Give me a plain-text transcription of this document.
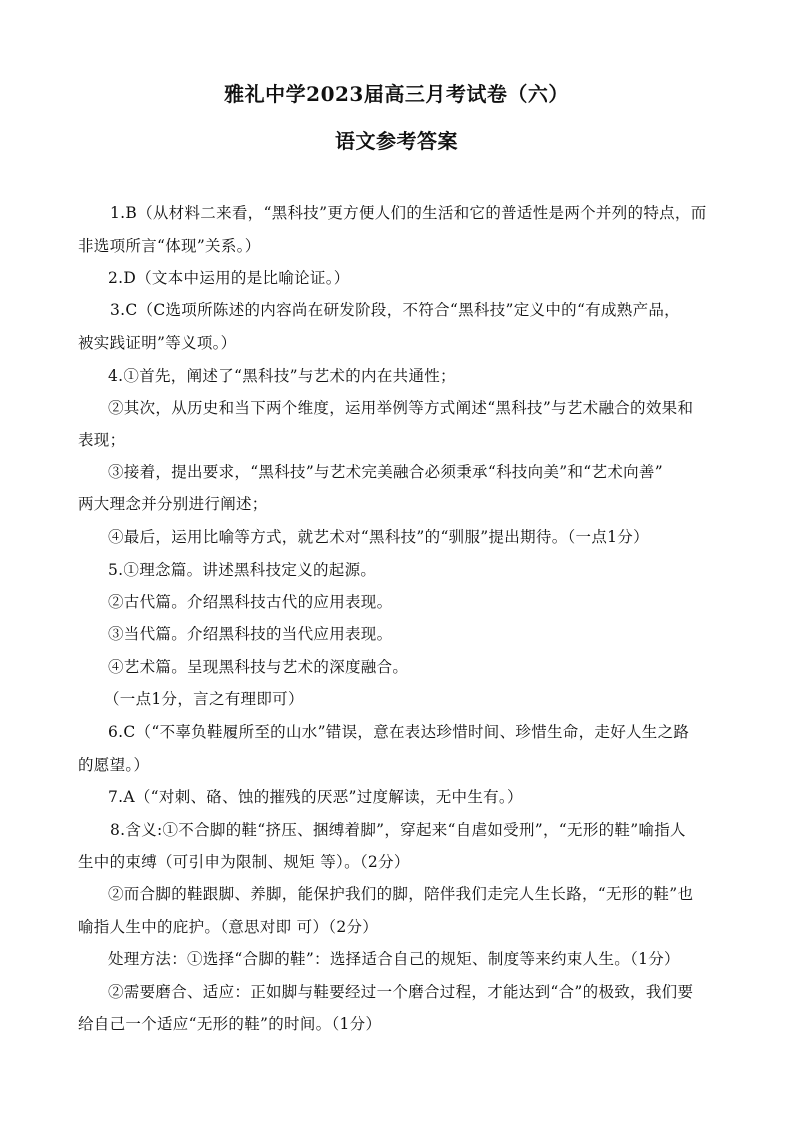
雅礼中学2023届高三月考试卷（六）
语文参考答案
1.B（从材料二来看，“黑科技”更方便人们的生活和它的普适性是两个并列的特点，而
非选项所言“体现”关系。）
2.D（文本中运用的是比喻论证。）
3.C（C选项所陈述的内容尚在研发阶段，不符合“黑科技”定义中的“有成熟产品，
被实践证明”等义项。）
4.①首先，阐述了“黑科技”与艺术的内在共通性；
②其次，从历史和当下两个维度，运用举例等方式阐述“黑科技”与艺术融合的效果和
表现；
③接着，提出要求，“黑科技”与艺术完美融合必须秉承“科技向美”和“艺术向善”
两大理念并分别进行阐述；
④最后，运用比喻等方式，就艺术对“黑科技”的“驯服”提出期待。（一点1分）
5.①理念篇。讲述黑科技定义的起源。
②古代篇。介绍黑科技古代的应用表现。
③当代篇。介绍黑科技的当代应用表现。
④艺术篇。呈现黑科技与艺术的深度融合。
（一点1分，言之有理即可）
6.C（“不辜负鞋履所至的山水”错误，意在表达珍惜时间、珍惜生命，走好人生之路
的愿望。）
7.A（“对刺、硌、蚀的摧残的厌恶”过度解读，无中生有。）
8.含义:①不合脚的鞋“挤压、捆缚着脚”，穿起来“自虐如受刑”，“无形的鞋”喻指人
生中的束缚（可引申为限制、规矩 等）。（2分）
②而合脚的鞋跟脚、养脚，能保护我们的脚，陪伴我们走完人生长路，“无形的鞋”也
喻指人生中的庇护。（意思对即 可）（2分）
处理方法：①选择“合脚的鞋”：选择适合自己的规矩、制度等来约束人生。（1分）
②需要磨合、适应：正如脚与鞋要经过一个磨合过程，才能达到“合”的极致，我们要
给自己一个适应“无形的鞋”的时间。（1分）
